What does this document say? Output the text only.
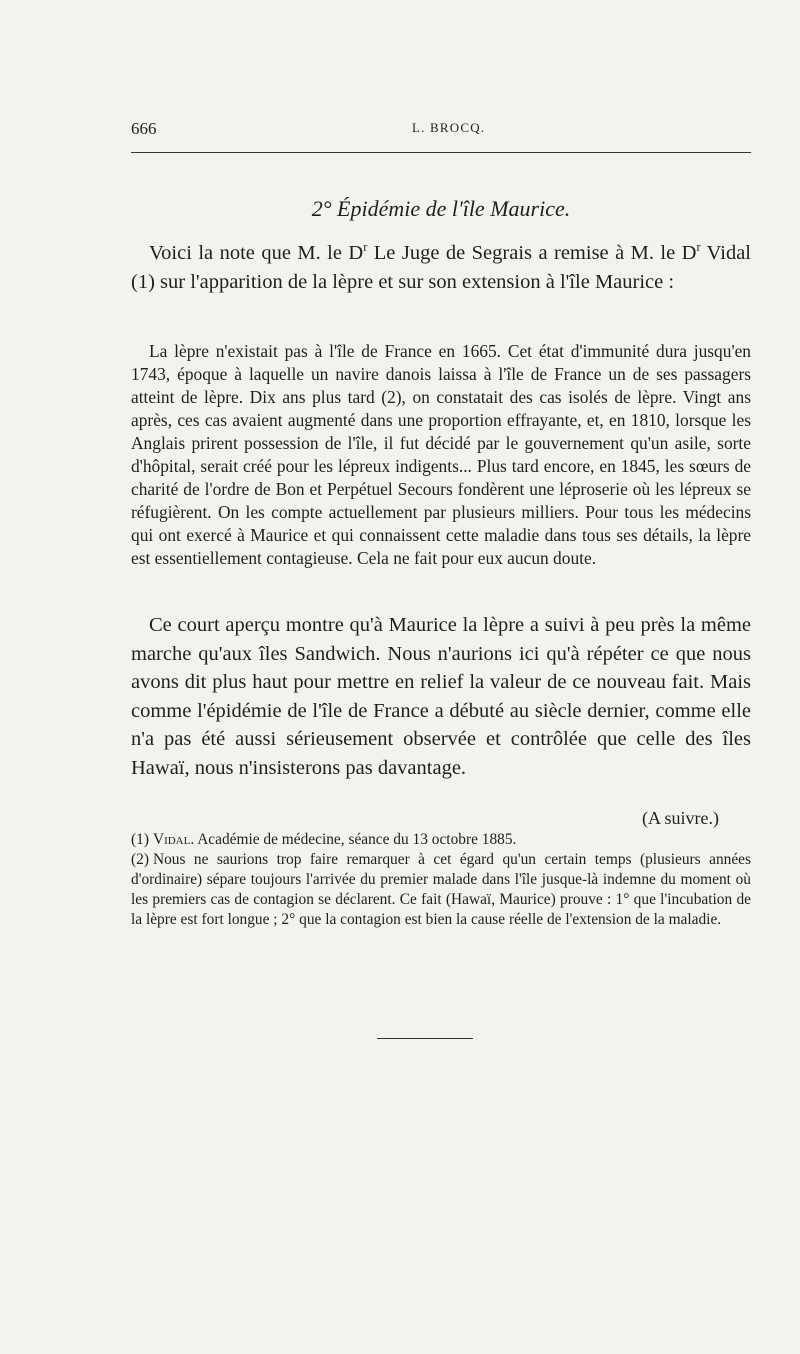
666	L. BROCQ.
2° Épidémie de l'île Maurice.

Voici la note que M. le $D^r$ Le Juge de Segrais a remise à M. le $D^r$ Vidal (1) sur l'apparition de la lèpre et sur son extension à l'île Maurice :

La lèpre n'existait pas à l'île de France en 1665. Cet état d'immunité dura jusqu'en 1743, époque à laquelle un navire danois laissa à l'île de France un de ses passagers atteint de lèpre. Dix ans plus tard (2), on constatait des cas isolés de lèpre. Vingt ans après, ces cas avaient augmenté dans une proportion effrayante, et, en 1810, lorsque les Anglais prirent possession de l'île, il fut décidé par le gouvernement qu'un asile, sorte d'hôpital, serait créé pour les lépreux indigents... Plus tard encore, en 1845, les sœurs de charité de l'ordre de Bon et Perpétuel Secours fondèrent une léproserie où les lépreux se réfugièrent. On les compte actuellement par plusieurs milliers. Pour tous les médecins qui ont exercé à Maurice et qui connaissent cette maladie dans tous ses détails, la lèpre est essentiellement contagieuse. Cela ne fait pour eux aucun doute.

Ce court aperçu montre qu'à Maurice la lèpre a suivi à peu près la même marche qu'aux îles Sandwich. Nous n'aurions ici qu'à répéter ce que nous avons dit plus haut pour mettre en relief la valeur de ce nouveau fait. Mais comme l'épidémie de l'île de France a débuté au siècle dernier, comme elle n'a pas été aussi sérieusement observée et contrôlée que celle des îles Hawaï, nous n'insisterons pas davantage.

(A suivre.)

(1) Vidal. Académie de médecine, séance du 13 octobre 1885.

(2) Nous ne saurions trop faire remarquer à cet égard qu'un certain temps (plusieurs années d'ordinaire) sépare toujours l'arrivée du premier malade dans l'île jusque-là indemne du moment où les premiers cas de contagion se déclarent. Ce fait (Hawaï, Maurice) prouve : 1° que l'incubation de la lèpre est fort longue ; 2° que la contagion est bien la cause réelle de l'extension de la maladie.
